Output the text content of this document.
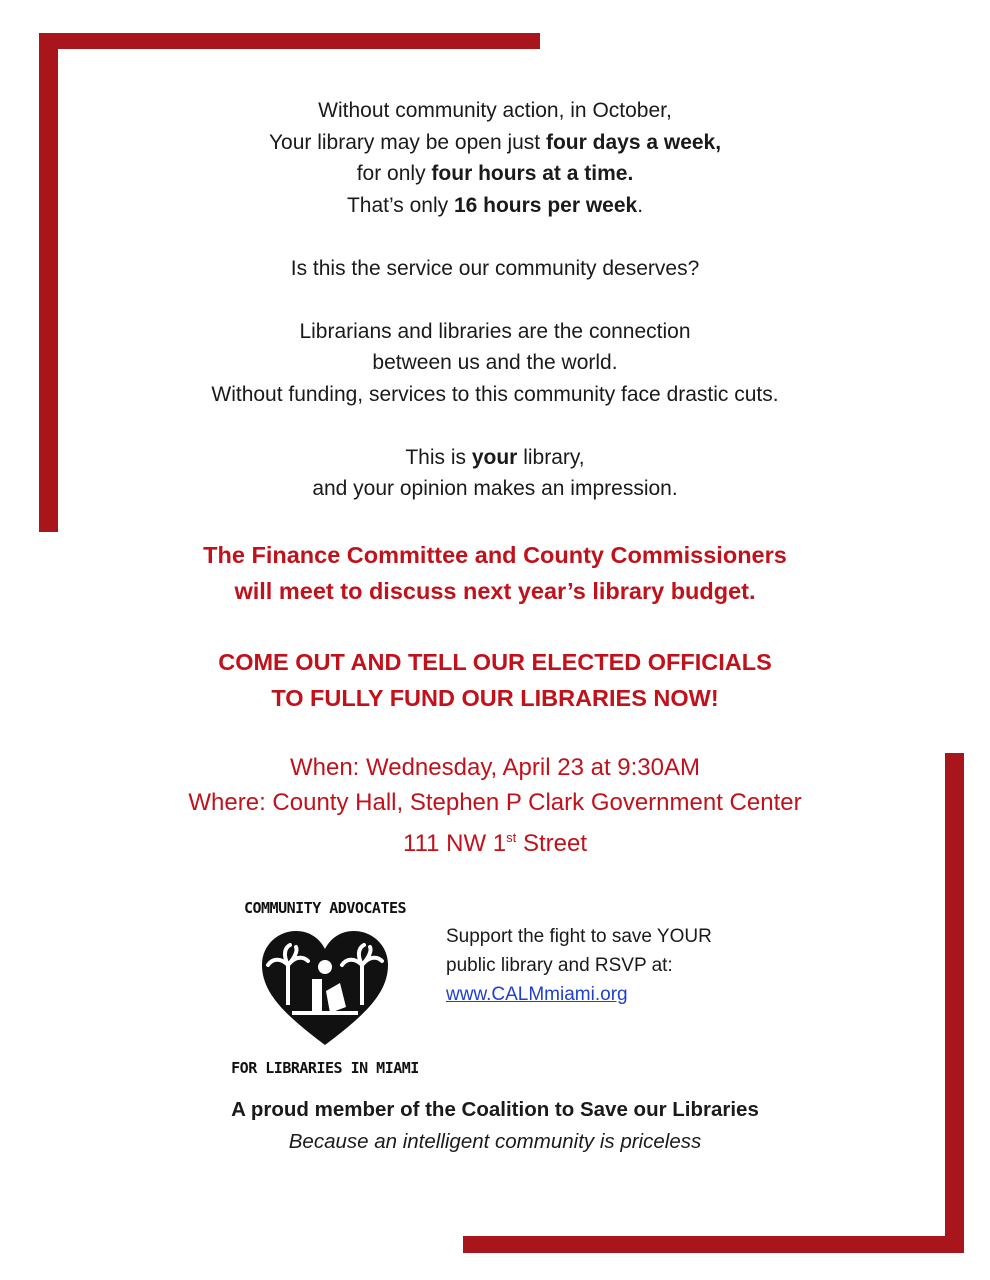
Without community action, in October,

Your library may be open just four days a week,

for only four hours at a time.

That’s only 16 hours per week.

Is this the service our community deserves?

Librarians and libraries are the connection

between us and the world.

Without funding, services to this community face drastic cuts.

This is your library,

and your opinion makes an impression.

The Finance Committee and County Commissioners

will meet to discuss next year’s library budget.

COME OUT AND TELL OUR ELECTED OFFICIALS

TO FULLY FUND OUR LIBRARIES NOW!

When: Wednesday, April 23 at 9:30AM

Where: County Hall, Stephen P Clark Government Center

111 NW 1st Street

COMMUNITY ADVOCATES
FOR LIBRARIES IN MIAMI

Support the fight to save YOUR

public library and RSVP at:

www.CALMmiami.org

A proud member of the Coalition to Save our Libraries

Because an intelligent community is priceless
